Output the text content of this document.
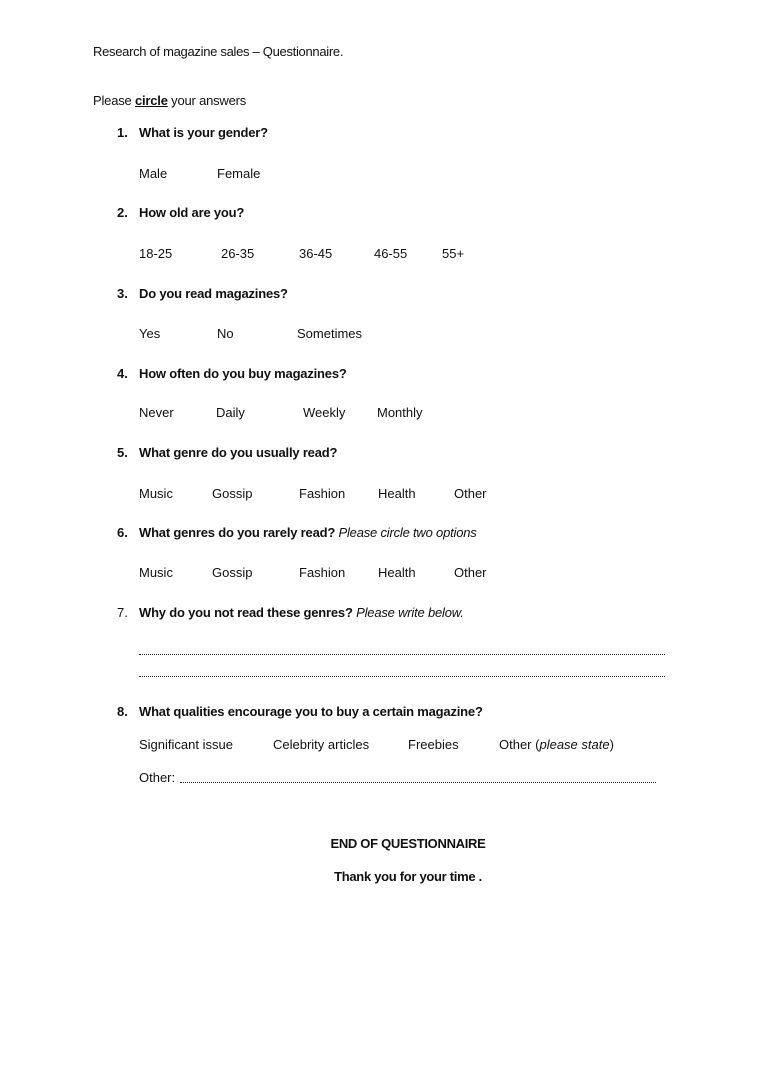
Research of magazine sales – Questionnaire.
Please circle your answers
1. What is your gender?
Male	Female
2. How old are you?
18-25	26-35	36-45	46-55	55+
3. Do you read magazines?
Yes	No	Sometimes
4. How often do you buy magazines?
Never	Daily	Weekly Monthly
5. What genre do you usually read?
Music	Gossip	Fashion	Health	Other
6. What genres do you rarely read? Please circle two options
Music	Gossip	Fashion	Health	Other
7. Why do you not read these genres? Please write below.
8. What qualities encourage you to buy a certain magazine?
Significant issue	Celebrity articles	Freebies	Other (please state)
Other:
END OF QUESTIONNAIRE
Thank you for your time .
